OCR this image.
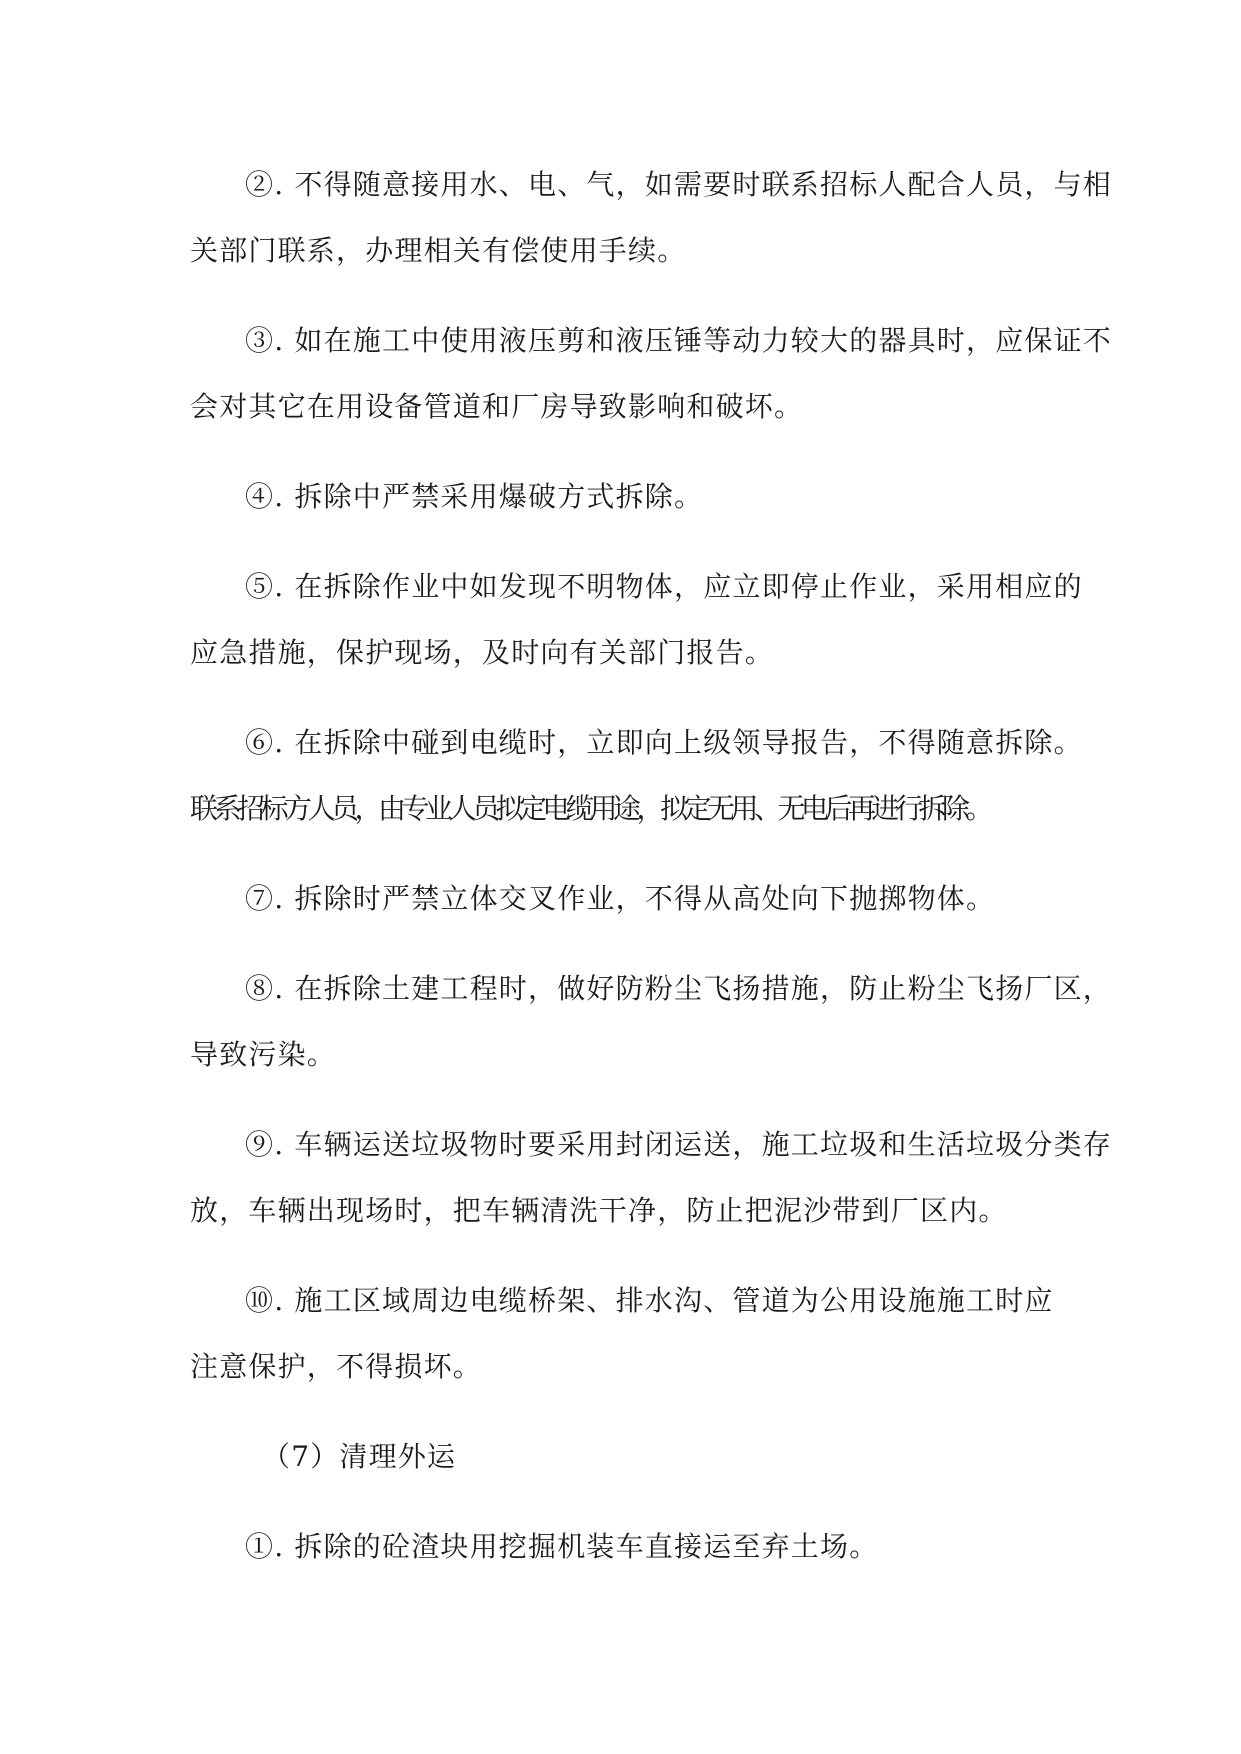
②. 不得随意接用水、电、气，如需要时联系招标人配合人员，与相
关部门联系，办理相关有偿使用手续。
③. 如在施工中使用液压剪和液压锤等动力较大的器具时，应保证不
会对其它在用设备管道和厂房导致影响和破坏。
④. 拆除中严禁采用爆破方式拆除。
⑤. 在拆除作业中如发现不明物体，应立即停止作业，采用相应的
应急措施，保护现场，及时向有关部门报告。
⑥. 在拆除中碰到电缆时，立即向上级领导报告，不得随意拆除。
联系招标方人员，由专业人员拟定电缆用途，拟定无用、无电后再进行拆除。
⑦. 拆除时严禁立体交叉作业，不得从高处向下抛掷物体。
⑧. 在拆除土建工程时，做好防粉尘飞扬措施，防止粉尘飞扬厂区，
导致污染。
⑨. 车辆运送垃圾物时要采用封闭运送，施工垃圾和生活垃圾分类存
放，车辆出现场时，把车辆清洗干净，防止把泥沙带到厂区内。
⑩. 施工区域周边电缆桥架、排水沟、管道为公用设施施工时应
注意保护，不得损坏。
（7）清理外运
①. 拆除的砼渣块用挖掘机装车直接运至弃土场。
